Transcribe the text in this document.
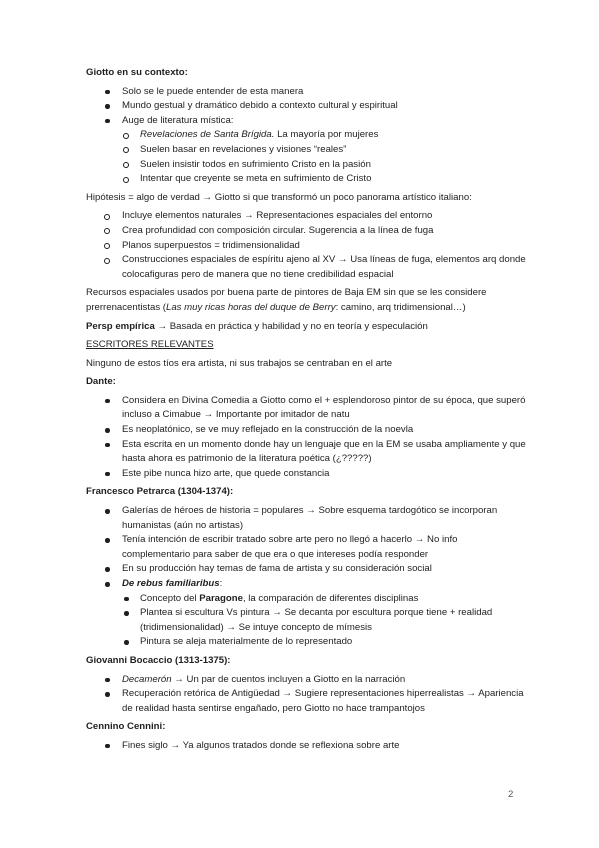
Giotto en su contexto:

Solo se le puede entender de esta manera
Mundo gestual y dramático debido a contexto cultural y espiritual
Auge de literatura mística:
Revelaciones de Santa Brígida. La mayoría por mujeres
Suelen basar en revelaciones y visiones “reales”
Suelen insistir todos en sufrimiento Cristo en la pasión
Intentar que creyente se meta en sufrimiento de Cristo

Hipótesis = algo de verdad → Giotto si que transformó un poco panorama artístico italiano:

Incluye elementos naturales → Representaciones espaciales del entorno
Crea profundidad con composición circular. Sugerencia a la línea de fuga
Planos superpuestos = tridimensionalidad
Construcciones espaciales de espíritu ajeno al XV → Usa líneas de fuga, elementos arq donde colocafiguras pero de manera que no tiene credibilidad espacial

Recursos espaciales usados por buena parte de pintores de Baja EM sin que se les considere prerrenacentistas (Las muy ricas horas del duque de Berry: camino, arq tridimensional…)

Persp empírica → Basada en práctica y habilidad y no en teoría y especulación

ESCRITORES RELEVANTES

Ninguno de estos tíos era artista, ni sus trabajos se centraban en el arte

Dante:

Considera en Divina Comedia a Giotto como el + esplendoroso pintor de su época, que superó incluso a Cimabue → Importante por imitador de natu
Es neoplatónico, se ve muy reflejado en la construcción de la noevla
Esta escrita en un momento donde hay un lenguaje que en la EM se usaba ampliamente y que hasta ahora es patrimonio de la literatura poética (¿?????)
Este pibe nunca hizo arte, que quede constancia

Francesco Petrarca (1304-1374):

Galerías de héroes de historia = populares → Sobre esquema tardogótico se incorporan humanistas (aún no artistas)
Tenía intención de escribir tratado sobre arte pero no llegó a hacerlo → No info complementario para saber de que era o que intereses podía responder
En su producción hay temas de fama de artista y su consideración social
De rebus familiaribus:
Concepto del Paragone, la comparación de diferentes disciplinas
Plantea si escultura Vs pintura → Se decanta por escultura porque tiene + realidad (tridimensionalidad) → Se intuye concepto de mímesis
Pintura se aleja materialmente de lo representado

Giovanni Bocaccio (1313-1375):

Decamerón → Un par de cuentos incluyen a Giotto en la narración
Recuperación retórica de Antigüedad → Sugiere representaciones hiperrealistas → Apariencia de realidad hasta sentirse engañado, pero Giotto no hace trampantojos

Cennino Cennini:

Fines siglo → Ya algunos tratados donde se reflexiona sobre arte
2
